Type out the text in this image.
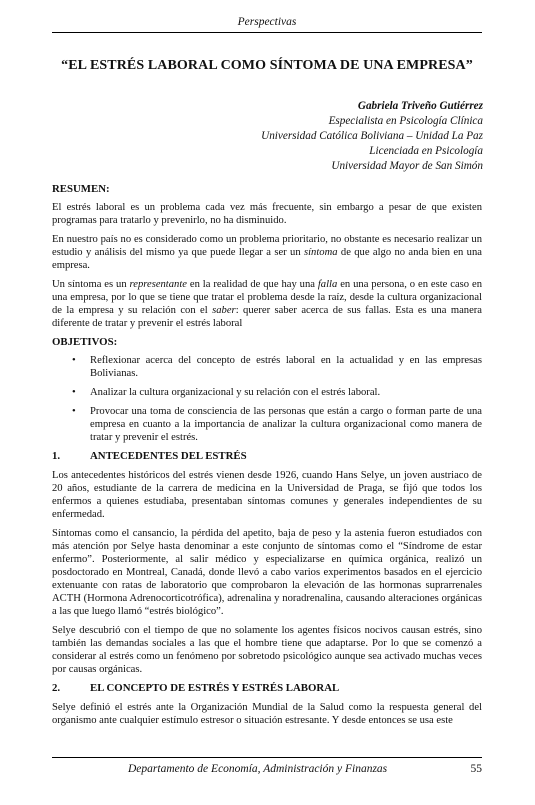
Perspectivas
“EL ESTRÉS LABORAL COMO SÍNTOMA DE UNA EMPRESA”
Gabriela Triveño Gutiérrez
Especialista en Psicología Clínica
Universidad Católica Boliviana – Unidad La Paz
Licenciada en Psicología
Universidad Mayor de San Simón
RESUMEN:

El estrés laboral es un problema cada vez más frecuente, sin embargo a pesar de que existen programas para tratarlo y prevenirlo, no ha disminuido.

En nuestro país no es considerado como un problema prioritario, no obstante es necesario realizar un estudio y análisis del mismo ya que puede llegar a ser un síntoma de que algo no anda bien en una empresa.

Un síntoma es un representante en la realidad de que hay una falla en una persona, o en este caso en una empresa, por lo que se tiene que tratar el problema desde la raíz, desde la cultura organizacional de la empresa y su relación con el saber: querer saber acerca de sus fallas. Esta es una manera diferente de tratar y prevenir el estrés laboral

OBJETIVOS:
• Reflexionar acerca del concepto de estrés laboral en la actualidad y en las empresas Bolivianas.
• Analizar la cultura organizacional y su relación con el estrés laboral.
• Provocar una toma de consciencia de las personas que están a cargo o forman parte de una empresa en cuanto a la importancia de analizar la cultura organizacional como manera de tratar y prevenir el estrés.
1.	ANTECEDENTES DEL ESTRÉS

Los antecedentes históricos del estrés vienen desde 1926, cuando Hans Selye, un joven austriaco de 20 años, estudiante de la carrera de medicina en la Universidad de Praga, se fijó que todos los enfermos a quienes estudiaba, presentaban síntomas comunes y generales independientes de su enfermedad.

Síntomas como el cansancio, la pérdida del apetito, baja de peso y la astenia fueron estudiados con más atención por Selye hasta denominar a este conjunto de síntomas como el “Síndrome de estar enfermo”. Posteriormente, al salir médico y especializarse en química orgánica, realizó un posdoctorado en Montreal, Canadá, donde llevó a cabo varios experimentos basados en el ejercicio extenuante con ratas de laboratorio que comprobaron la elevación de las hormonas suprarrenales ACTH (Hormona Adrenocorticotrófica), adrenalina y noradrenalina, causando alteraciones orgánicas a las que luego llamó “estrés biológico”.

Selye descubrió con el tiempo de que no solamente los agentes físicos nocivos causan estrés, sino también las demandas sociales a las que el hombre tiene que adaptarse. Por lo que se comenzó a considerar al estrés como un fenómeno por sobretodo psicológico aunque sea activado muchas veces por causas orgánicas.

2.	EL CONCEPTO DE ESTRÉS Y ESTRÉS LABORAL

Selye definió el estrés ante la Organización Mundial de la Salud como la respuesta general del organismo ante cualquier estímulo estresor o situación estresante. Y desde entonces se usa este

Departamento de Economía, Administración y Finanzas	55
